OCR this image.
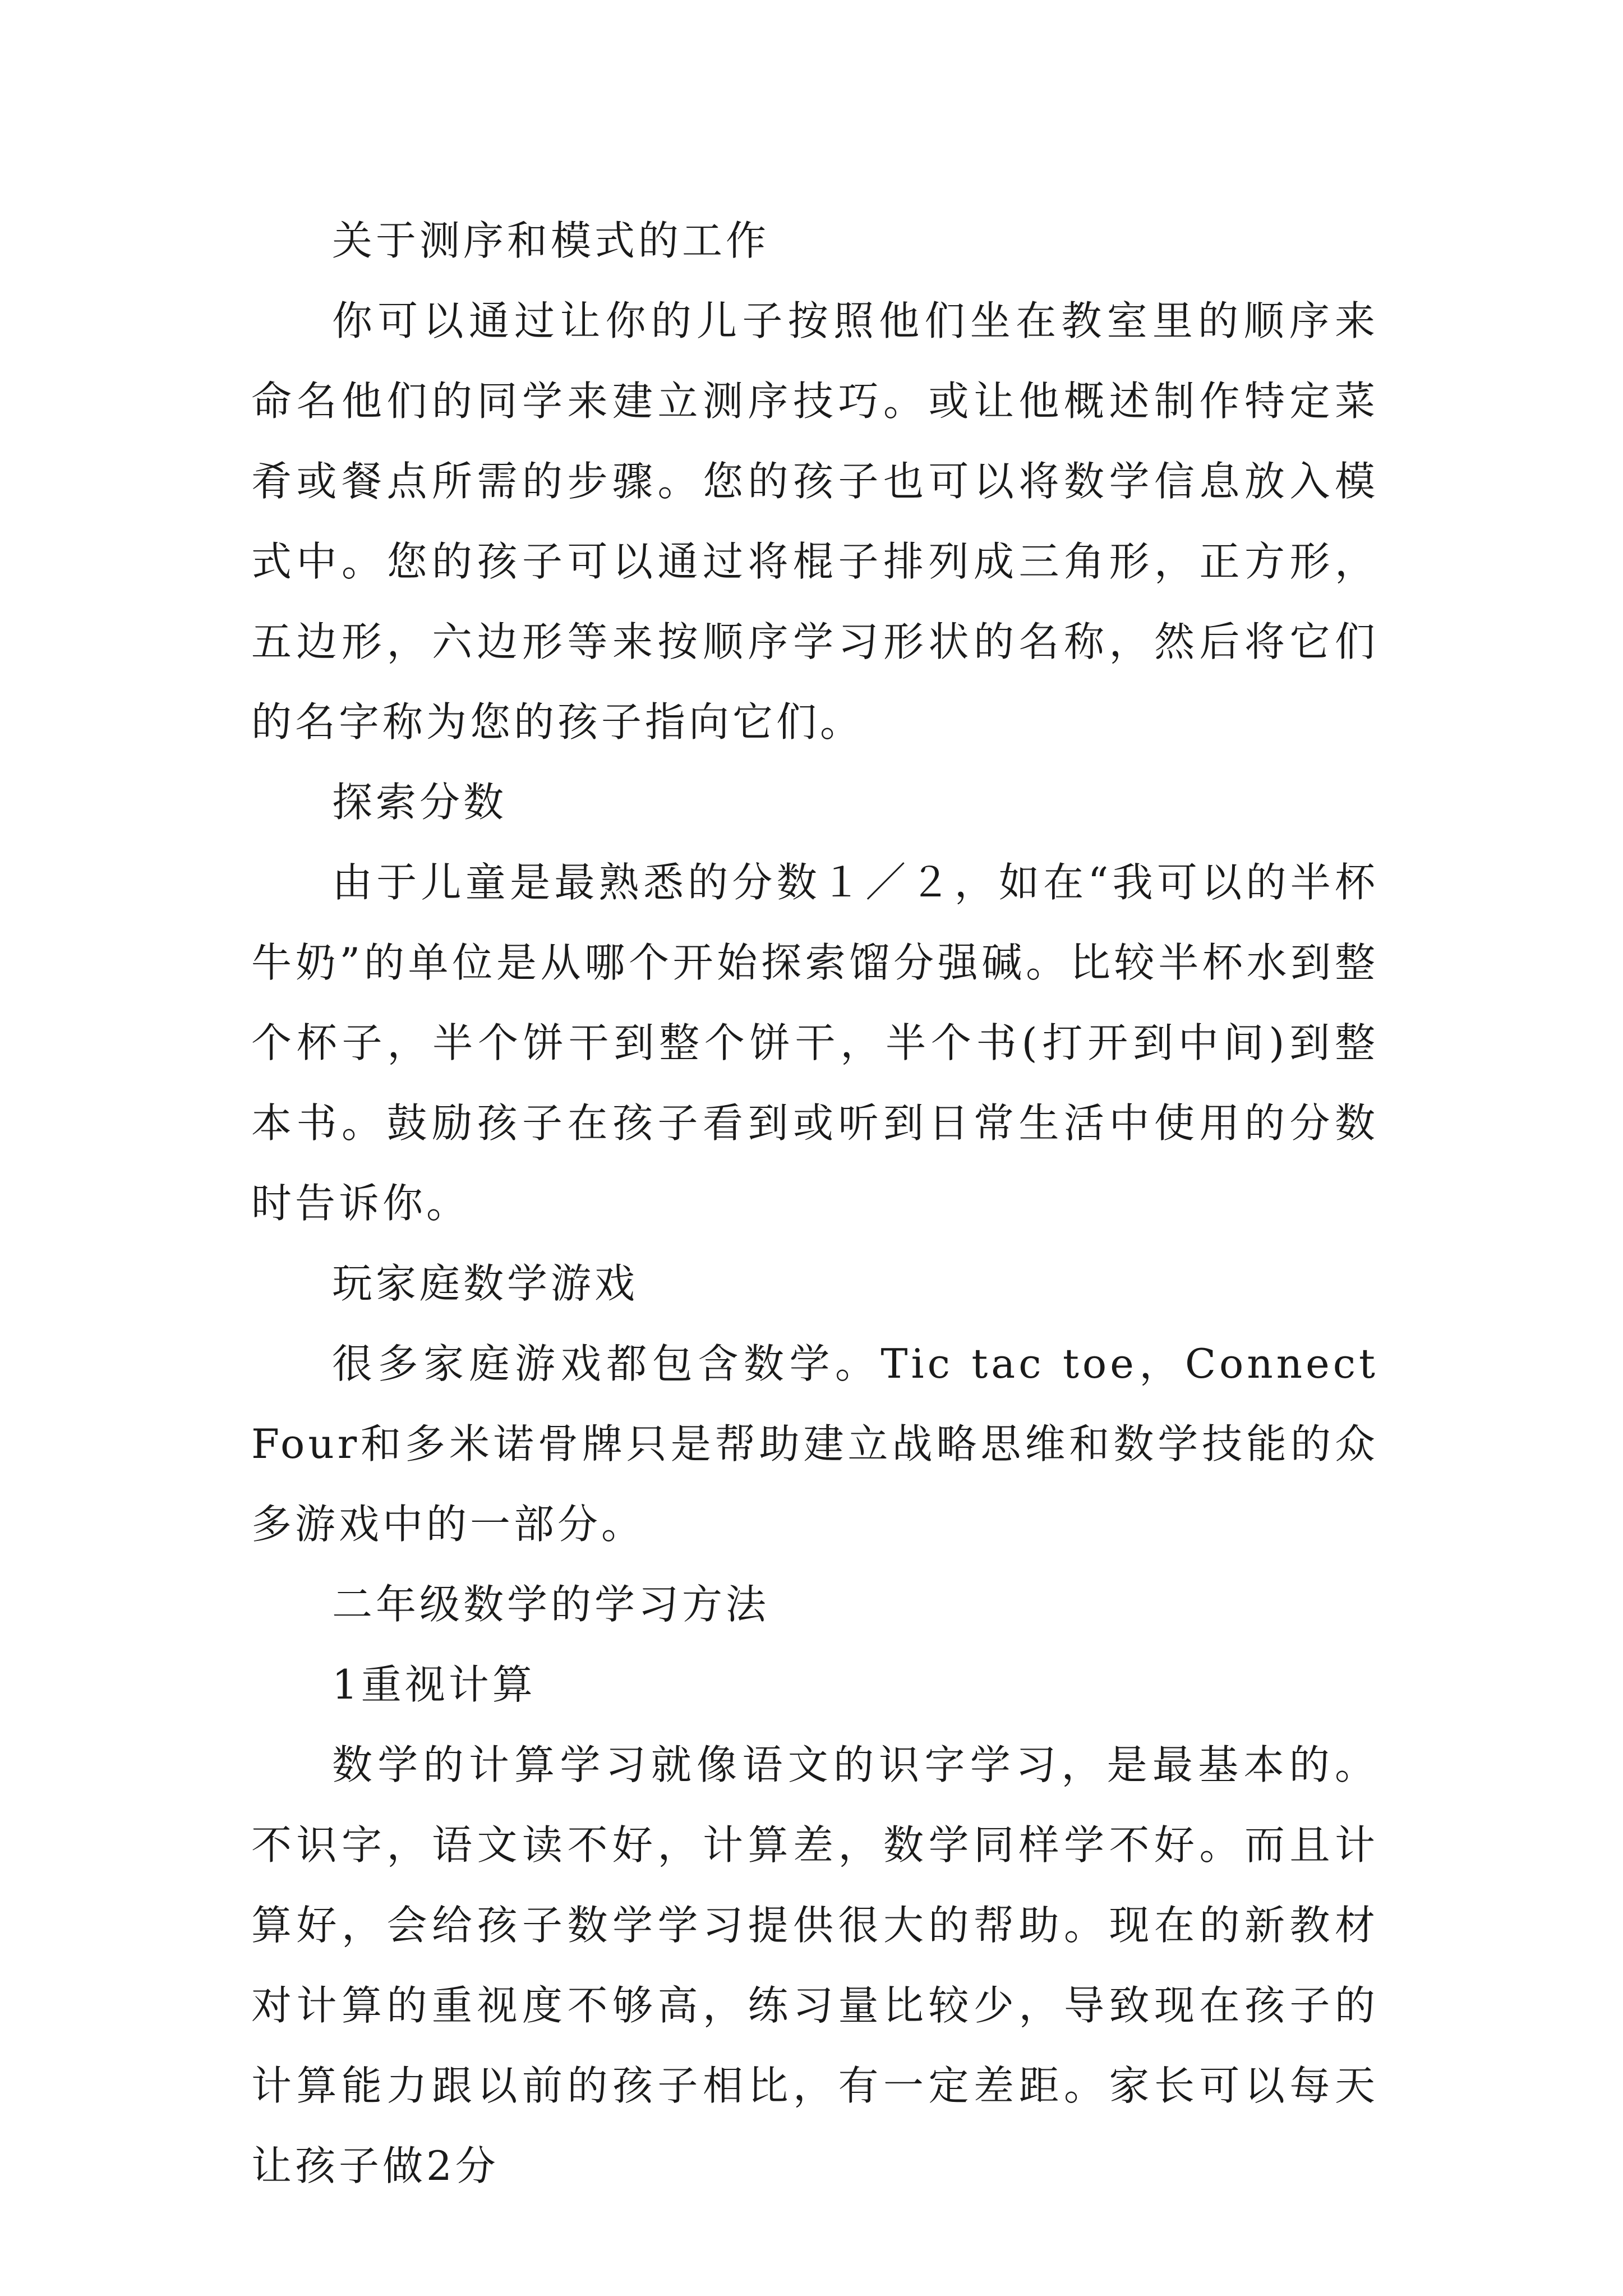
关于测序和模式的工作

你可以通过让你的儿子按照他们坐在教室里的顺序来命名他们的同学来建立测序技巧。或让他概述制作特定菜肴或餐点所需的步骤。您的孩子也可以将数学信息放入模式中。您的孩子可以通过将棍子排列成三角形，正方形，五边形，六边形等来按顺序学习形状的名称，然后将它们的名字称为您的孩子指向它们。

探索分数

由于儿童是最熟悉的分数１／２，如在“我可以的半杯牛奶”的单位是从哪个开始探索馏分强碱。比较半杯水到整个杯子，半个饼干到整个饼干，半个书(打开到中间)到整本书。鼓励孩子在孩子看到或听到日常生活中使用的分数时告诉你。

玩家庭数学游戏

很多家庭游戏都包含数学。Tic tac toe，Connect Four和多米诺骨牌只是帮助建立战略思维和数学技能的众多游戏中的一部分。

二年级数学的学习方法

1重视计算

数学的计算学习就像语文的识字学习，是最基本的。不识字，语文读不好，计算差，数学同样学不好。而且计算好，会给孩子数学学习提供很大的帮助。现在的新教材对计算的重视度不够高，练习量比较少，导致现在孩子的计算能力跟以前的孩子相比，有一定差距。家长可以每天让孩子做2分
